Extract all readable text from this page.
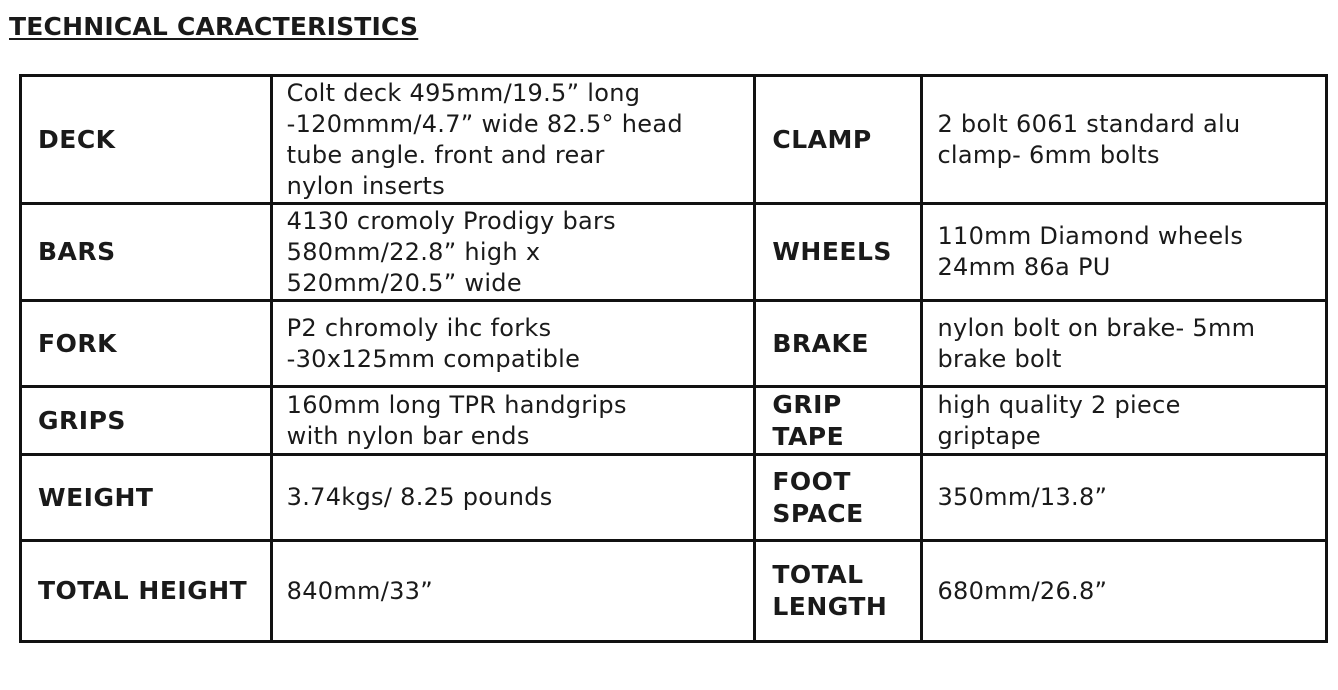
TECHNICAL CARACTERISTICS
DECK	Colt deck 495mm/19.5” long
-120mmm/4.7” wide 82.5° head
tube angle. front and rear
nylon inserts	CLAMP	2 bolt 6061 standard alu
clamp- 6mm bolts

BARS	4130 cromoly Prodigy bars
580mm/22.8” high x
520mm/20.5” wide	WHEELS	110mm Diamond wheels
24mm 86a PU

FORK	P2 chromoly ihc forks
-30x125mm compatible	BRAKE	nylon bolt on brake- 5mm
brake bolt

GRIPS	160mm long TPR handgrips
with nylon bar ends	GRIP
TAPE	high quality 2 piece
griptape

WEIGHT	3.74kgs/ 8.25 pounds	FOOT
SPACE	350mm/13.8”

TOTAL HEIGHT	840mm/33”	TOTAL
LENGTH	680mm/26.8”
